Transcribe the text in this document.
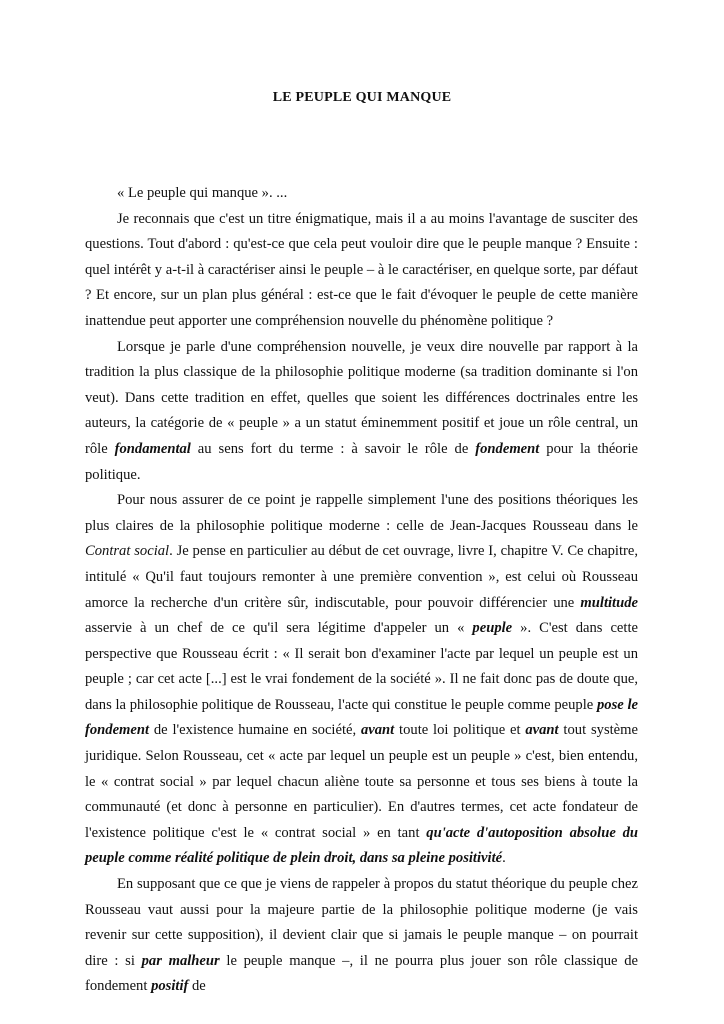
LE PEUPLE QUI MANQUE

« Le peuple qui manque ». ...

Je reconnais que c'est un titre énigmatique, mais il a au moins l'avantage de susciter des questions. Tout d'abord : qu'est-ce que cela peut vouloir dire que le peuple manque ? Ensuite : quel intérêt y a-t-il à caractériser ainsi le peuple – à le caractériser, en quelque sorte, par défaut ? Et encore, sur un plan plus général : est-ce que le fait d'évoquer le peuple de cette manière inattendue peut apporter une compréhension nouvelle du phénomène politique ?

Lorsque je parle d'une compréhension nouvelle, je veux dire nouvelle par rapport à la tradition la plus classique de la philosophie politique moderne (sa tradition dominante si l'on veut). Dans cette tradition en effet, quelles que soient les différences doctrinales entre les auteurs, la catégorie de « peuple » a un statut éminemment positif et joue un rôle central, un rôle fondamental au sens fort du terme : à savoir le rôle de fondement pour la théorie politique.

Pour nous assurer de ce point je rappelle simplement l'une des positions théoriques les plus claires de la philosophie politique moderne : celle de Jean-Jacques Rousseau dans le Contrat social. Je pense en particulier au début de cet ouvrage, livre I, chapitre V. Ce chapitre, intitulé « Qu'il faut toujours remonter à une première convention », est celui où Rousseau amorce la recherche d'un critère sûr, indiscutable, pour pouvoir différencier une multitude asservie à un chef de ce qu'il sera légitime d'appeler un « peuple ». C'est dans cette perspective que Rousseau écrit : « Il serait bon d'examiner l'acte par lequel un peuple est un peuple ; car cet acte [...] est le vrai fondement de la société ». Il ne fait donc pas de doute que, dans la philosophie politique de Rousseau, l'acte qui constitue le peuple comme peuple pose le fondement de l'existence humaine en société, avant toute loi politique et avant tout système juridique. Selon Rousseau, cet « acte par lequel un peuple est un peuple » c'est, bien entendu, le « contrat social » par lequel chacun aliène toute sa personne et tous ses biens à toute la communauté (et donc à personne en particulier). En d'autres termes, cet acte fondateur de l'existence politique c'est le « contrat social » en tant qu'acte d'autoposition absolue du peuple comme réalité politique de plein droit, dans sa pleine positivité.

En supposant que ce que je viens de rappeler à propos du statut théorique du peuple chez Rousseau vaut aussi pour la majeure partie de la philosophie politique moderne (je vais revenir sur cette supposition), il devient clair que si jamais le peuple manque – on pourrait dire : si par malheur le peuple manque –, il ne pourra plus jouer son rôle classique de fondement positif de
